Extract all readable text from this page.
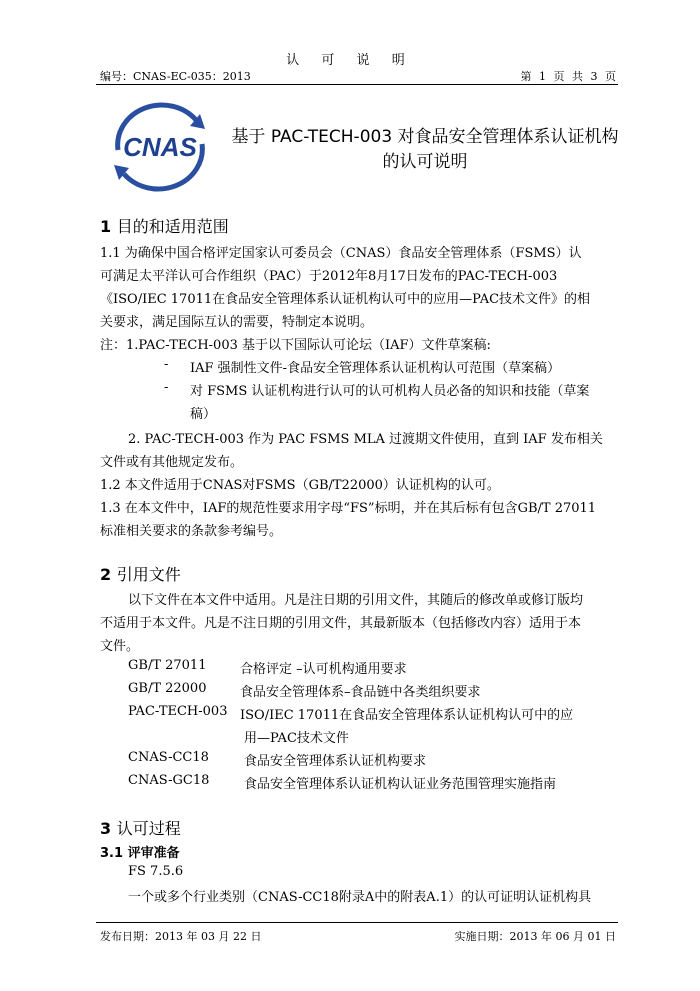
认 可 说 明
编号：CNAS-EC-035：2013	第 1 页 共 3 页
CNAS	基于 PAC-TECH-003 对食品安全管理体系认证机构
的认可说明
1 目的和适用范围
1.1 为确保中国合格评定国家认可委员会（CNAS）食品安全管理体系（FSMS）认
可满足太平洋认可合作组织（PAC）于2012年8月17日发布的PAC-TECH-003
《ISO/IEC 17011在食品安全管理体系认证机构认可中的应用—PAC技术文件》的相
关要求，满足国际互认的需要，特制定本说明。
注：1.PAC-TECH-003 基于以下国际认可论坛（IAF）文件草案稿:
- IAF 强制性文件-食品安全管理体系认证机构认可范围（草案稿）
- 对 FSMS 认证机构进行认可的认可机构人员必备的知识和技能（草案
稿）
2. PAC-TECH-003 作为 PAC FSMS MLA 过渡期文件使用，直到 IAF 发布相关
文件或有其他规定发布。
1.2 本文件适用于CNAS对FSMS（GB/T22000）认证机构的认可。
1.3 在本文件中，IAF的规范性要求用字母“FS”标明，并在其后标有包含GB/T 27011
标准相关要求的条款参考编号。
2 引用文件
以下文件在本文件中适用。凡是注日期的引用文件，其随后的修改单或修订版均
不适用于本文件。凡是不注日期的引用文件，其最新版本（包括修改内容）适用于本
文件。
GB/T 27011	合格评定 –认可机构通用要求
GB/T 22000	食品安全管理体系–食品链中各类组织要求
PAC-TECH-003 ISO/IEC 17011在食品安全管理体系认证机构认可中的应
用—PAC技术文件
CNAS-CC18	食品安全管理体系认证机构要求
CNAS-GC18	食品安全管理体系认证机构认证业务范围管理实施指南
3 认可过程
3.1 评审准备
FS 7.5.6
一个或多个行业类别（CNAS-CC18附录A中的附表A.1）的认可证明认证机构具
发布日期：2013 年 03 月 22 日	实施日期：2013 年 06 月 01 日
